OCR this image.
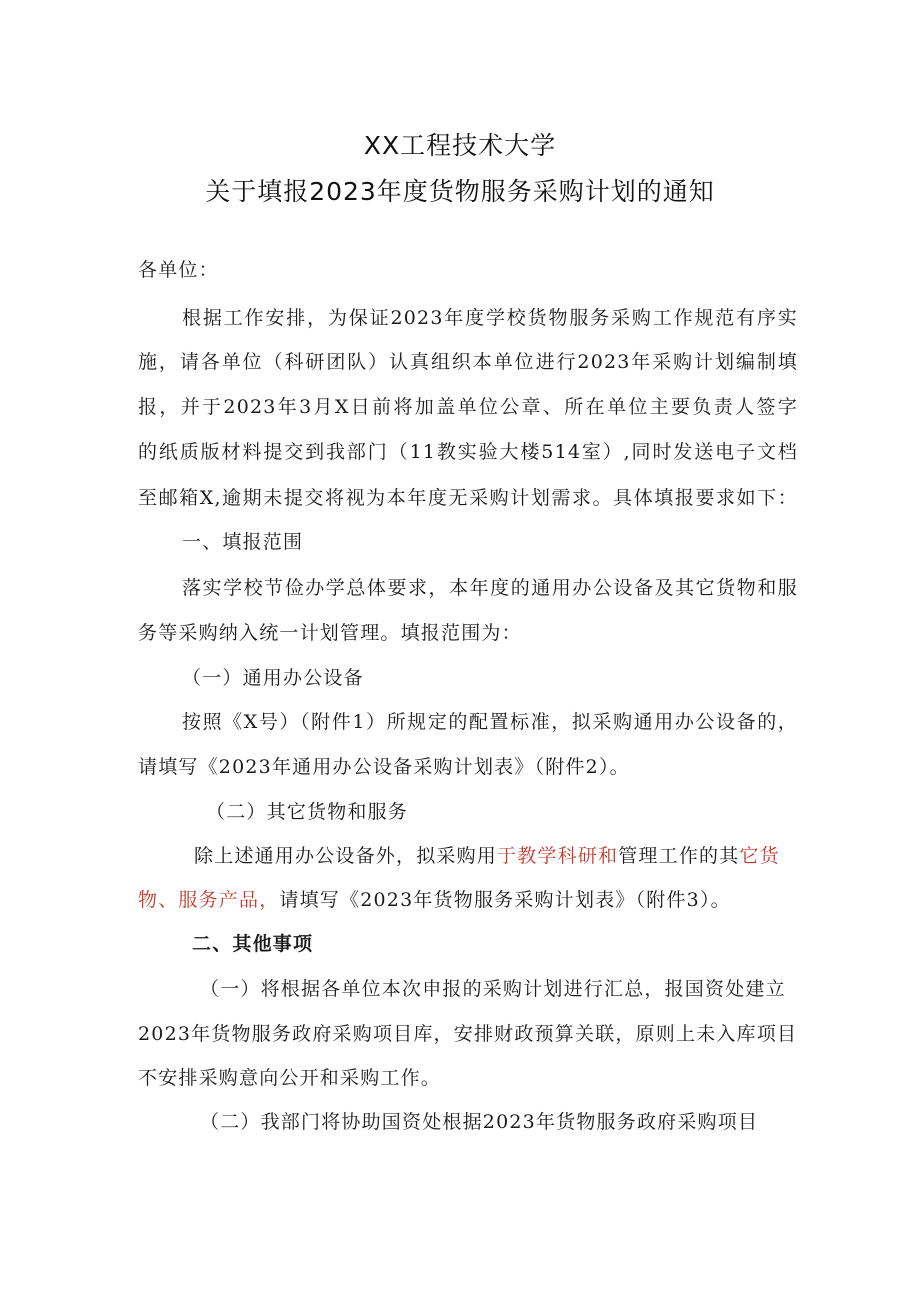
XX工程技术大学
关于填报2023年度货物服务采购计划的通知
各单位：
根据工作安排，为保证2023年度学校货物服务采购工作规范有序实
施，请各单位（科研团队）认真组织本单位进行2023年采购计划编制填
报，并于2023年3月X日前将加盖单位公章、所在单位主要负责人签字
的纸质版材料提交到我部门（11教实验大楼514室）,同时发送电子文档
至邮箱X,逾期未提交将视为本年度无采购计划需求。具体填报要求如下：
一、填报范围
落实学校节俭办学总体要求，本年度的通用办公设备及其它货物和服
务等采购纳入统一计划管理。填报范围为：
（一）通用办公设备
按照《X号）（附件1）所规定的配置标准，拟采购通用办公设备的，
请填写《2023年通用办公设备采购计划表》（附件2）。
（二）其它货物和服务
除上述通用办公设备外，拟采购用于教学科研和管理工作的其它货
物、服务产品，请填写《2023年货物服务采购计划表》（附件3）。
二、其他事项
（一）将根据各单位本次申报的采购计划进行汇总，报国资处建立
2023年货物服务政府采购项目库，安排财政预算关联，原则上未入库项目
不安排采购意向公开和采购工作。
（二）我部门将协助国资处根据2023年货物服务政府采购项目
